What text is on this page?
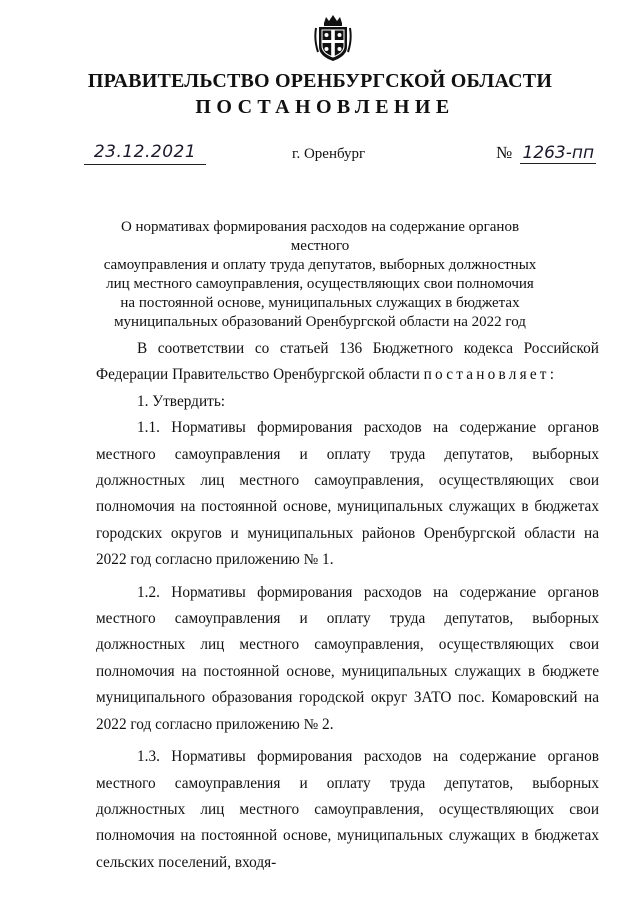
ПРАВИТЕЛЬСТВО ОРЕНБУРГСКОЙ ОБЛАСТИ
ПОСТАНОВЛЕНИЕ
23.12.2021	г. Оренбург	№ 1263-пп
О нормативах формирования расходов на содержание органов местного
самоуправления и оплату труда депутатов, выборных должностных
лиц местного самоуправления, осуществляющих свои полномочия
на постоянной основе, муниципальных служащих в бюджетах
муниципальных образований Оренбургской области на 2022 год

В соответствии со статьей 136 Бюджетного кодекса Российской Федерации Правительство Оренбургской области постановляет:

1. Утвердить:

1.1. Нормативы формирования расходов на содержание органов местного самоуправления и оплату труда депутатов, выборных должностных лиц местного самоуправления, осуществляющих свои полномочия на постоянной основе, муниципальных служащих в бюджетах городских округов и муниципальных районов Оренбургской области на 2022 год согласно приложению № 1.

1.2. Нормативы формирования расходов на содержание органов местного самоуправления и оплату труда депутатов, выборных должностных лиц местного самоуправления, осуществляющих свои полномочия на постоянной основе, муниципальных служащих в бюджете муниципального образования городской округ ЗАТО пос. Комаровский на 2022 год согласно приложению № 2.

1.3. Нормативы формирования расходов на содержание органов местного самоуправления и оплату труда депутатов, выборных должностных лиц местного самоуправления, осуществляющих свои полномочия на постоянной основе, муниципальных служащих в бюджетах сельских поселений, входя-
